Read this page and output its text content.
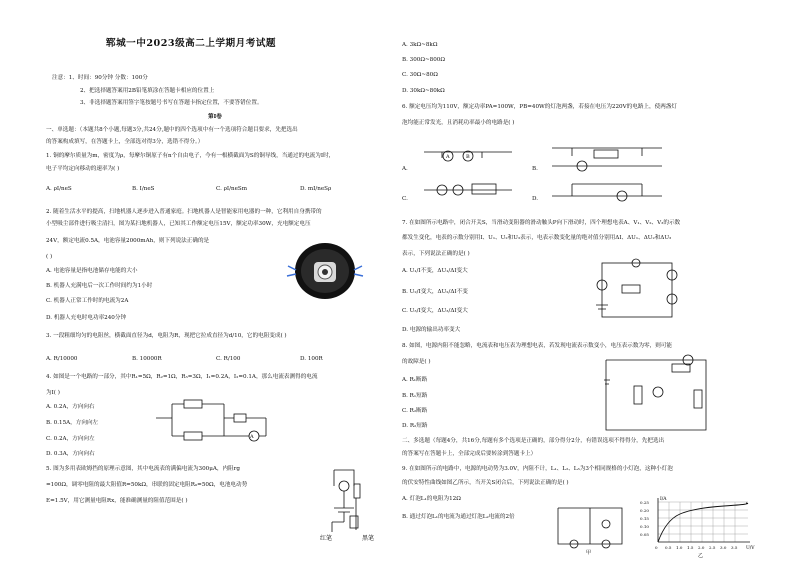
郓城一中2023级高二上学期月考试题
注意：1、时间：90分钟 分数：100分
2、把选择题答案用2B铅笔填涂在答题卡相应的位置上
3、非选择题答案用签字笔按题号书写在答题卡指定位置，不要答错位置。
第Ⅰ卷
一、单选题：（本题共8个小题,每题3分,共24分,题中的四个选项中有一个选项符合题目要求，先把选出
的答案构成填写，在答题卡上，全部选对得3分，选错不得分。）
1. 铜的摩尔质量为m，密度为ρ，每摩尔铜原子有n个自由电子，今有一根横截面为S的铜导线，当通过的电流为I时，
电子平均定向移动的速率为( )
A. ρI/neS	B. I/neS	C. ρI/neSm	D. mI/neSρ
2. 随着生活水平的提高，扫地机器人逐步进入普通家庭。扫地机器人是智能家用电器的一种，它利用自身携带的
小型吸尘部件进行吸尘清扫，图为某扫地机器人，已知其工作额定电压15V，额定功率30W，充电额定电压
24V，额定电流0.5A，电池容量2000mAh，则下列说法正确的是
( )
A. 电池容量是指电池储存电能的大小
B. 机器人充满电后一次工作时间约为1小时
C. 机器人正常工作时的电流为2A
D. 机器人充电时电功率240分钟
3. 一段粗细均匀的电阻丝，横截面直径为d，电阻为R，现把它拉成直径为d/10，它的电阻变成( )
A. R/10000	B. 10000R	C. R/100	D. 100R
4. 如图是一个电路的一部分，其中R₁=5Ω，R₂=1Ω，R₃=3Ω，I₁=0.2A，I₂=0.1A，那么电流表测得的电流
为I( )
A. 0.2A，方向向右
B. 0.15A，方向向左
C. 0.2A，方向向左
D. 0.3A，方向向右
A
5. 图为多用表欧姆挡的原理示意图，其中电流表的满偏电流为300μA，内阻rg
=100Ω，调零电阻的最大阻值R=50kΩ，串联的固定电阻R₀=50Ω，电池电动势
E=1.5V，用它测量电阻Rx，能准确测量的阻值范围是( )
红笔	黑笔
A. 3kΩ~8kΩ
B. 300Ω~800Ω
C. 30Ω~80Ω
D. 30kΩ~80kΩ
6. 额定电压均为110V，额定功率PA=100W，PB=40W的灯泡两盏，若接在电压为220V的电路上，使两盏灯
泡均能正常发光，且消耗功率最小的电路是( )
A	B
A.	B.
C.	D.
7. 在如图所示电路中，闭合开关S，当滑动变阻器的滑动触头P向下滑动时，四个理想电表A、V₁、V₂、V₃的示数
都发生变化，电表的示数分别用I、U₁、U₂和U₃表示，电表示数变化量的绝对值分别用ΔI、ΔU₁、ΔU₂和ΔU₃
表示，下列说法正确的是( )
A. U₁/I不变，ΔU₁/ΔI变大
B. U₂/I变大，ΔU₂/ΔI不变
C. U₃/I变大，ΔU₃/ΔI变大
D. 电源的输出功率变大
8. 如图，电源内阻不能忽略，电流表和电压表为理想电表，若发现电流表示数变小，电压表示数为零，则可能
的故障是( )
A. R₁断路
B. R₁短路
C. R₂断路
D. R₂短路
二、多选题（每题4分，共16分,每题有多个选项是正确的，部分得分2分，有错误选项不得得分，先把选出
的答案写在答题卡上，全部完成后要转涂到答题卡上）
9. 在如图所示的电路中，电源的电动势为3.0V，内阻不计，L₁、L₂、L₃为3个相同规格的小灯泡，这种小灯泡
的伏安特性曲线如图乙所示，当开关S闭合后，下列说法正确的是( )
A. 灯泡L₁的电阻为12Ω
B. 通过灯泡L₁的电流为通过灯泡L₂电流的2倍
甲
I/A
U/V
0.25
0.20
0.15
0.10
0.05
0 0.5 1.0 1.5 2.0 2.5 3.0 3.5
乙
